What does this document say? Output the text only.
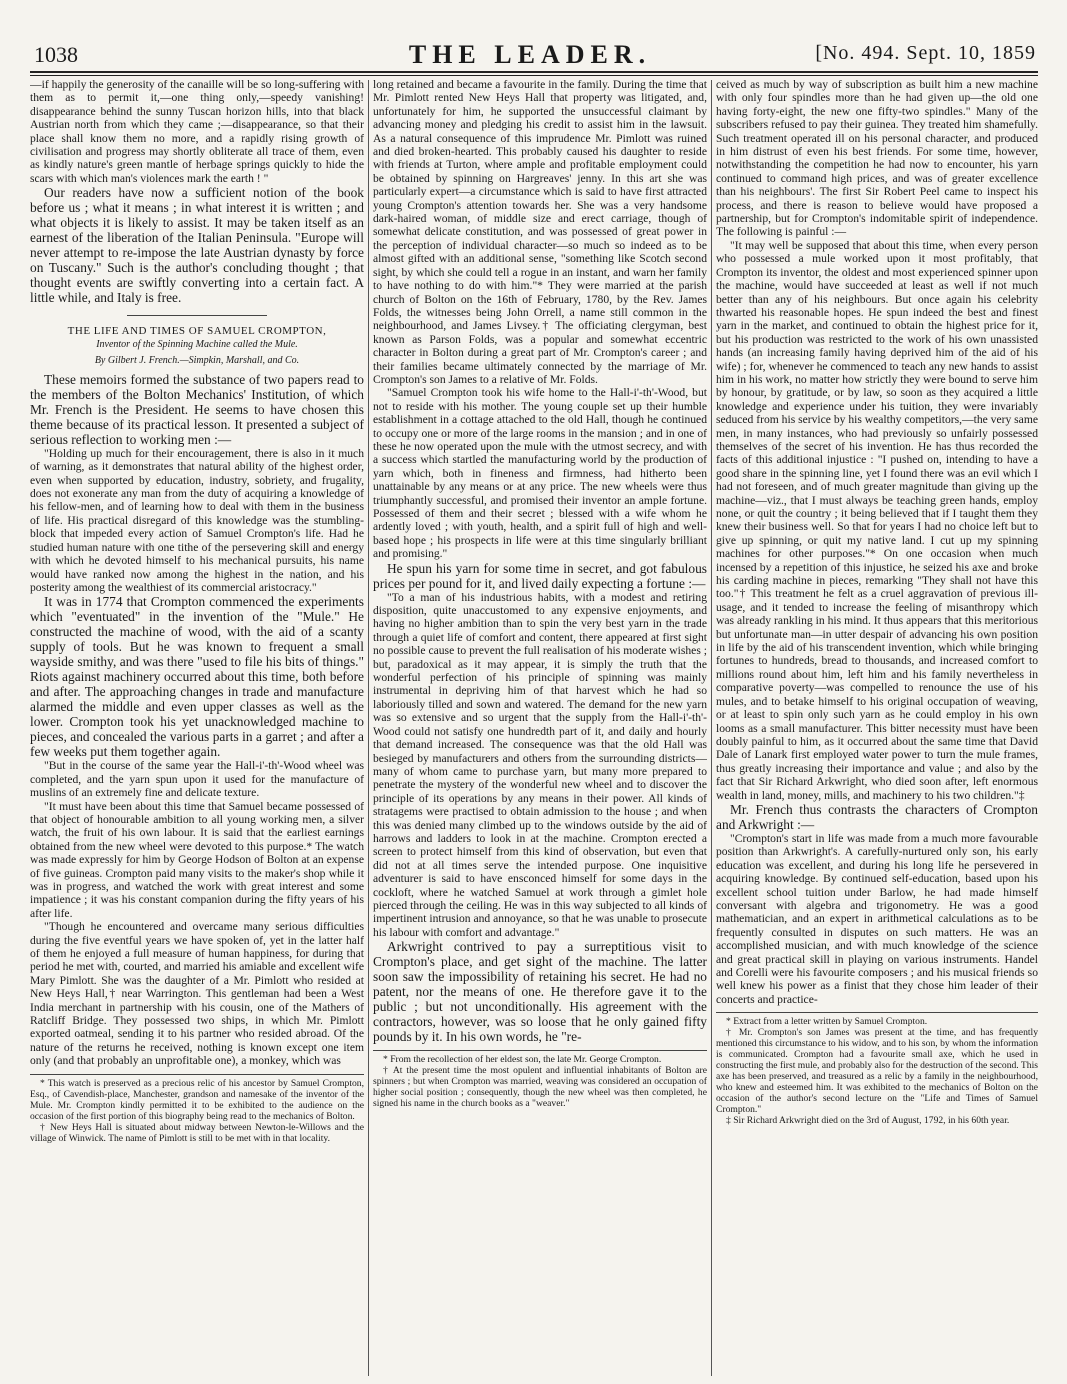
1038	THE LEADER.	[No. 494. Sept. 10, 1859

—if happily the generosity of the canaille will be so long-suffering with them as to permit it,—one thing only,—speedy vanishing! disappearance behind the sunny Tuscan horizon hills, into that black Austrian north from which they came ;—disappearance, so that their place shall know them no more, and a rapidly rising growth of civilisation and progress may shortly obliterate all trace of them, even as kindly nature's green mantle of herbage springs quickly to hide the scars with which man's violences mark the earth ! "

Our readers have now a sufficient notion of the book before us ; what it means ; in what interest it is written ; and what objects it is likely to assist. It may be taken itself as an earnest of the liberation of the Italian Peninsula. "Europe will never attempt to re-impose the late Austrian dynasty by force on Tuscany." Such is the author's concluding thought ; that thought events are swiftly converting into a certain fact. A little while, and Italy is free.

THE LIFE AND TIMES OF SAMUEL CROMPTON,
Inventor of the Spinning Machine called the Mule.
By Gilbert J. French.—Simpkin, Marshall, and Co.

These memoirs formed the substance of two papers read to the members of the Bolton Mechanics' Institution, of which Mr. French is the President. He seems to have chosen this theme because of its practical lesson. It presented a subject of serious reflection to working men :—

"Holding up much for their encouragement, there is also in it much of warning, as it demonstrates that natural ability of the highest order, even when supported by education, industry, sobriety, and frugality, does not exonerate any man from the duty of acquiring a knowledge of his fellow-men, and of learning how to deal with them in the business of life. His practical disregard of this knowledge was the stumbling-block that impeded every action of Samuel Crompton's life. Had he studied human nature with one tithe of the persevering skill and energy with which he devoted himself to his mechanical pursuits, his name would have ranked now among the highest in the nation, and his posterity among the wealthiest of its commercial aristocracy."

It was in 1774 that Crompton commenced the experiments which "eventuated" in the invention of the "Mule." He constructed the machine of wood, with the aid of a scanty supply of tools. But he was known to frequent a small wayside smithy, and was there "used to file his bits of things." Riots against machinery occurred about this time, both before and after. The approaching changes in trade and manufacture alarmed the middle and even upper classes as well as the lower. Crompton took his yet unacknowledged machine to pieces, and concealed the various parts in a garret ; and after a few weeks put them together again.

"But in the course of the same year the Hall-i'-th'-Wood wheel was completed, and the yarn spun upon it used for the manufacture of muslins of an extremely fine and delicate texture.

"It must have been about this time that Samuel became possessed of that object of honourable ambition to all young working men, a silver watch, the fruit of his own labour. It is said that the earliest earnings obtained from the new wheel were devoted to this purpose.* The watch was made expressly for him by George Hodson of Bolton at an expense of five guineas. Crompton paid many visits to the maker's shop while it was in progress, and watched the work with great interest and some impatience ; it was his constant companion during the fifty years of his after life.

"Though he encountered and overcame many serious difficulties during the five eventful years we have spoken of, yet in the latter half of them he enjoyed a full measure of human happiness, for during that period he met with, courted, and married his amiable and excellent wife Mary Pimlott. She was the daughter of a Mr. Pimlott who resided at New Heys Hall,† near Warrington. This gentleman had been a West India merchant in partnership with his cousin, one of the Mathers of Ratcliff Bridge. They possessed two ships, in which Mr. Pimlott exported oatmeal, sending it to his partner who resided abroad. Of the nature of the returns he received, nothing is known except one item only (and that probably an unprofitable one), a monkey, which was

* This watch is preserved as a precious relic of his ancestor by Samuel Crompton, Esq., of Cavendish-place, Manchester, grandson and namesake of the inventor of the Mule. Mr. Crompton kindly permitted it to be exhibited to the audience on the occasion of the first portion of this biography being read to the mechanics of Bolton.

† New Heys Hall is situated about midway between Newton-le-Willows and the village of Winwick. The name of Pimlott is still to be met with in that locality.

long retained and became a favourite in the family. During the time that Mr. Pimlott rented New Heys Hall that property was litigated, and, unfortunately for him, he supported the unsuccessful claimant by advancing money and pledging his credit to assist him in the lawsuit. As a natural consequence of this imprudence Mr. Pimlott was ruined and died broken-hearted. This probably caused his daughter to reside with friends at Turton, where ample and profitable employment could be obtained by spinning on Hargreaves' jenny. In this art she was particularly expert—a circumstance which is said to have first attracted young Crompton's attention towards her. She was a very handsome dark-haired woman, of middle size and erect carriage, though of somewhat delicate constitution, and was possessed of great power in the perception of individual character—so much so indeed as to be almost gifted with an additional sense, "something like Scotch second sight, by which she could tell a rogue in an instant, and warn her family to have nothing to do with him."* They were married at the parish church of Bolton on the 16th of February, 1780, by the Rev. James Folds, the witnesses being John Orrell, a name still common in the neighbourhood, and James Livsey.† The officiating clergyman, best known as Parson Folds, was a popular and somewhat eccentric character in Bolton during a great part of Mr. Crompton's career ; and their families became ultimately connected by the marriage of Mr. Crompton's son James to a relative of Mr. Folds.

"Samuel Crompton took his wife home to the Hall-i'-th'-Wood, but not to reside with his mother. The young couple set up their humble establishment in a cottage attached to the old Hall, though he continued to occupy one or more of the large rooms in the mansion ; and in one of these he now operated upon the mule with the utmost secrecy, and with a success which startled the manufacturing world by the production of yarn which, both in fineness and firmness, had hitherto been unattainable by any means or at any price. The new wheels were thus triumphantly successful, and promised their inventor an ample fortune. Possessed of them and their secret ; blessed with a wife whom he ardently loved ; with youth, health, and a spirit full of high and well-based hope ; his prospects in life were at this time singularly brilliant and promising."

He spun his yarn for some time in secret, and got fabulous prices per pound for it, and lived daily expecting a fortune :—

"To a man of his industrious habits, with a modest and retiring disposition, quite unaccustomed to any expensive enjoyments, and having no higher ambition than to spin the very best yarn in the trade through a quiet life of comfort and content, there appeared at first sight no possible cause to prevent the full realisation of his moderate wishes ; but, paradoxical as it may appear, it is simply the truth that the wonderful perfection of his principle of spinning was mainly instrumental in depriving him of that harvest which he had so laboriously tilled and sown and watered. The demand for the new yarn was so extensive and so urgent that the supply from the Hall-i'-th'-Wood could not satisfy one hundredth part of it, and daily and hourly that demand increased. The consequence was that the old Hall was besieged by manufacturers and others from the surrounding districts—many of whom came to purchase yarn, but many more prepared to penetrate the mystery of the wonderful new wheel and to discover the principle of its operations by any means in their power. All kinds of stratagems were practised to obtain admission to the house ; and when this was denied many climbed up to the windows outside by the aid of harrows and ladders to look in at the machine. Crompton erected a screen to protect himself from this kind of observation, but even that did not at all times serve the intended purpose. One inquisitive adventurer is said to have ensconced himself for some days in the cockloft, where he watched Samuel at work through a gimlet hole pierced through the ceiling. He was in this way subjected to all kinds of impertinent intrusion and annoyance, so that he was unable to prosecute his labour with comfort and advantage."

Arkwright contrived to pay a surreptitious visit to Crompton's place, and get sight of the machine. The latter soon saw the impossibility of retaining his secret. He had no patent, nor the means of one. He therefore gave it to the public ; but not unconditionally. His agreement with the contractors, however, was so loose that he only gained fifty pounds by it. In his own words, he "re-

* From the recollection of her eldest son, the late Mr. George Crompton.

† At the present time the most opulent and influential inhabitants of Bolton are spinners ; but when Crompton was married, weaving was considered an occupation of higher social position ; consequently, though the new wheel was then completed, he signed his name in the church books as a "weaver."

ceived as much by way of subscription as built him a new machine with only four spindles more than he had given up—the old one having forty-eight, the new one fifty-two spindles." Many of the subscribers refused to pay their guinea. They treated him shamefully. Such treatment operated ill on his personal character, and produced in him distrust of even his best friends. For some time, however, notwithstanding the competition he had now to encounter, his yarn continued to command high prices, and was of greater excellence than his neighbours'. The first Sir Robert Peel came to inspect his process, and there is reason to believe would have proposed a partnership, but for Crompton's indomitable spirit of independence. The following is painful :—

"It may well be supposed that about this time, when every person who possessed a mule worked upon it most profitably, that Crompton its inventor, the oldest and most experienced spinner upon the machine, would have succeeded at least as well if not much better than any of his neighbours. But once again his celebrity thwarted his reasonable hopes. He spun indeed the best and finest yarn in the market, and continued to obtain the highest price for it, but his production was restricted to the work of his own unassisted hands (an increasing family having deprived him of the aid of his wife) ; for, whenever he commenced to teach any new hands to assist him in his work, no matter how strictly they were bound to serve him by honour, by gratitude, or by law, so soon as they acquired a little knowledge and experience under his tuition, they were invariably seduced from his service by his wealthy competitors,—the very same men, in many instances, who had previously so unfairly possessed themselves of the secret of his invention. He has thus recorded the facts of this additional injustice : "I pushed on, intending to have a good share in the spinning line, yet I found there was an evil which I had not foreseen, and of much greater magnitude than giving up the machine—viz., that I must always be teaching green hands, employ none, or quit the country ; it being believed that if I taught them they knew their business well. So that for years I had no choice left but to give up spinning, or quit my native land. I cut up my spinning machines for other purposes."* On one occasion when much incensed by a repetition of this injustice, he seized his axe and broke his carding machine in pieces, remarking "They shall not have this too."† This treatment he felt as a cruel aggravation of previous ill-usage, and it tended to increase the feeling of misanthropy which was already rankling in his mind. It thus appears that this meritorious but unfortunate man—in utter despair of advancing his own position in life by the aid of his transcendent invention, which while bringing fortunes to hundreds, bread to thousands, and increased comfort to millions round about him, left him and his family nevertheless in comparative poverty—was compelled to renounce the use of his mules, and to betake himself to his original occupation of weaving, or at least to spin only such yarn as he could employ in his own looms as a small manufacturer. This bitter necessity must have been doubly painful to him, as it occurred about the same time that David Dale of Lanark first employed water power to turn the mule frames, thus greatly increasing their importance and value ; and also by the fact that Sir Richard Arkwright, who died soon after, left enormous wealth in land, money, mills, and machinery to his two children."‡

Mr. French thus contrasts the characters of Crompton and Arkwright :—

"Crompton's start in life was made from a much more favourable position than Arkwright's. A carefully-nurtured only son, his early education was excellent, and during his long life he persevered in acquiring knowledge. By continued self-education, based upon his excellent school tuition under Barlow, he had made himself conversant with algebra and trigonometry. He was a good mathematician, and an expert in arithmetical calculations as to be frequently consulted in disputes on such matters. He was an accomplished musician, and with much knowledge of the science and great practical skill in playing on various instruments. Handel and Corelli were his favourite composers ; and his musical friends so well knew his power as a finist that they chose him leader of their concerts and practice-

* Extract from a letter written by Samuel Crompton.

† Mr. Crompton's son James was present at the time, and has frequently mentioned this circumstance to his widow, and to his son, by whom the information is communicated. Crompton had a favourite small axe, which he used in constructing the first mule, and probably also for the destruction of the second. This axe has been preserved, and treasured as a relic by a family in the neighbourhood, who knew and esteemed him. It was exhibited to the mechanics of Bolton on the occasion of the author's second lecture on the "Life and Times of Samuel Crompton."

‡ Sir Richard Arkwright died on the 3rd of August, 1792, in his 60th year.
